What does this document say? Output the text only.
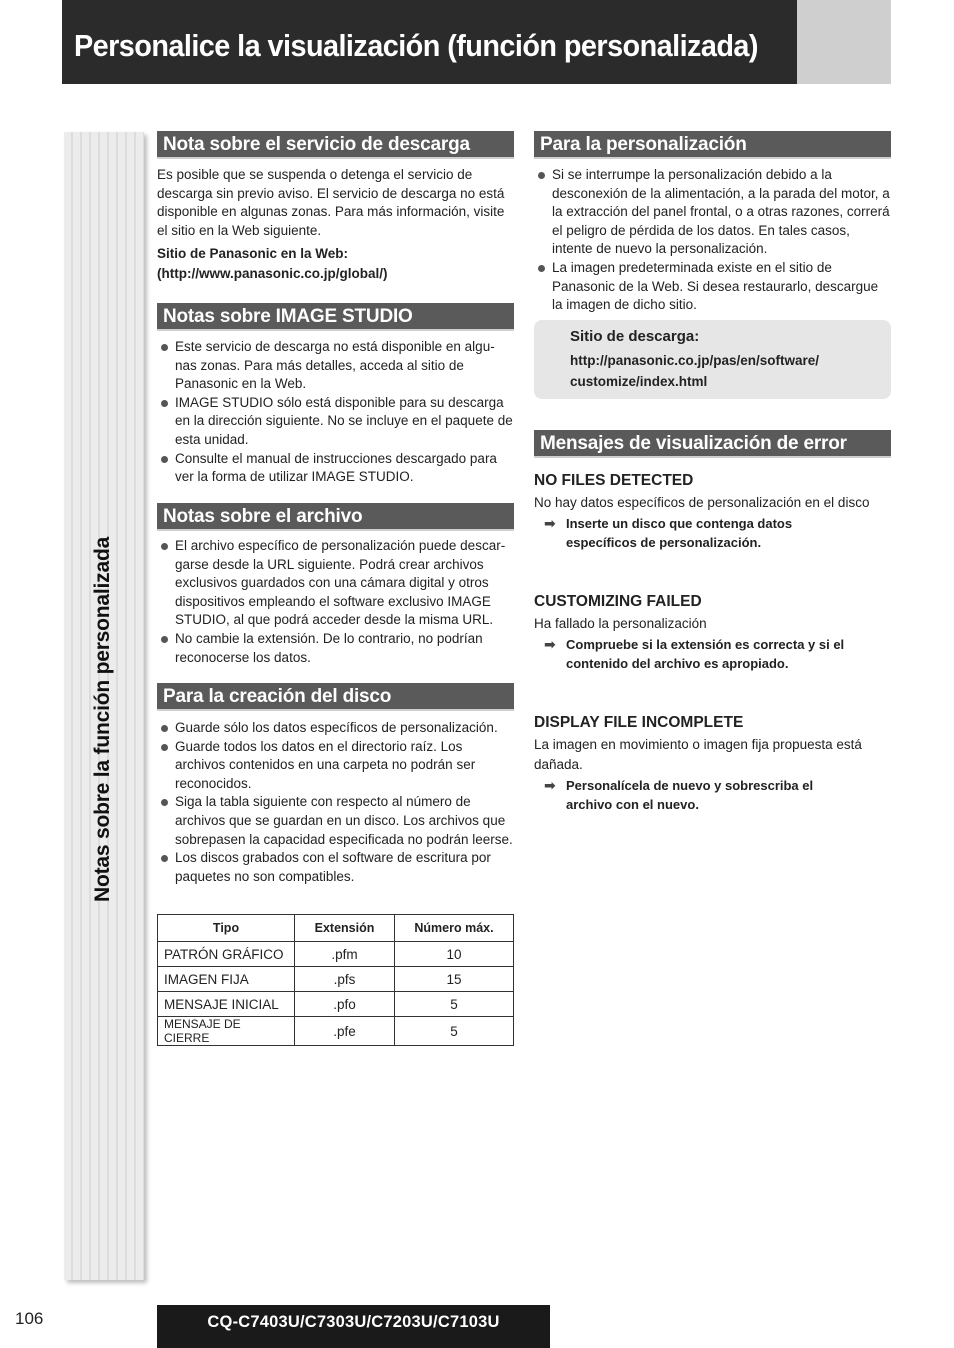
Personalice la visualización (función personalizada)
Notas sobre la función personalizada
Nota sobre el servicio de descarga

Es posible que se suspenda o detenga el servicio de descarga sin previo aviso. El servicio de descarga no está disponible en algunas zonas. Para más información, visite el sitio en la Web siguiente.

Sitio de Panasonic en la Web:

(http://www.panasonic.co.jp/global/)

Notas sobre IMAGE STUDIO
Este servicio de descarga no está disponible en algu-nas zonas. Para más detalles, acceda al sitio de Panasonic en la Web.
IMAGE STUDIO sólo está disponible para su descarga en la dirección siguiente. No se incluye en el paquete de esta unidad.
Consulte el manual de instrucciones descargado para ver la forma de utilizar IMAGE STUDIO.
Notas sobre el archivo
El archivo específico de personalización puede descar-garse desde la URL siguiente. Podrá crear archivos exclusivos guardados con una cámara digital y otros dispositivos empleando el software exclusivo IMAGE STUDIO, al que podrá acceder desde la misma URL.
No cambie la extensión. De lo contrario, no podrían reconocerse los datos.
Para la creación del disco
Guarde sólo los datos específicos de personalización.
Guarde todos los datos en el directorio raíz. Los archivos contenidos en una carpeta no podrán ser reconocidos.
Siga la tabla siguiente con respecto al número de archivos que se guardan en un disco. Los archivos que sobrepasen la capacidad especificada no podrán leerse.
Los discos grabados con el software de escritura por paquetes no son compatibles.
Tipo	Extensión	Número máx.
PATRÓN GRÁFICO	.pfm	10
IMAGEN FIJA	.pfs	15
MENSAJE INICIAL	.pfo	5
MENSAJE DE CIERRE	.pfe	5
Para la personalización
Si se interrumpe la personalización debido a la desconexión de la alimentación, a la parada del motor, a la extracción del panel frontal, o a otras razones, correrá el peligro de pérdida de los datos. En tales casos, intente de nuevo la personalización.
La imagen predeterminada existe en el sitio de Panasonic de la Web. Si desea restaurarlo, descargue la imagen de dicho sitio.
Sitio de descarga:
http://panasonic.co.jp/pas/en/software/
customize/index.html
Mensajes de visualización de error
NO FILES DETECTED
No hay datos específicos de personalización en el disco
➡ Inserte un disco que contenga datos específicos de personalización.
CUSTOMIZING FAILED
Ha fallado la personalización
➡ Compruebe si la extensión es correcta y si el contenido del archivo es apropiado.
DISPLAY FILE INCOMPLETE
La imagen en movimiento o imagen fija propuesta está dañada.
➡ Personalícela de nuevo y sobrescriba el archivo con el nuevo.
106	CQ-C7403U/C7303U/C7203U/C7103U
